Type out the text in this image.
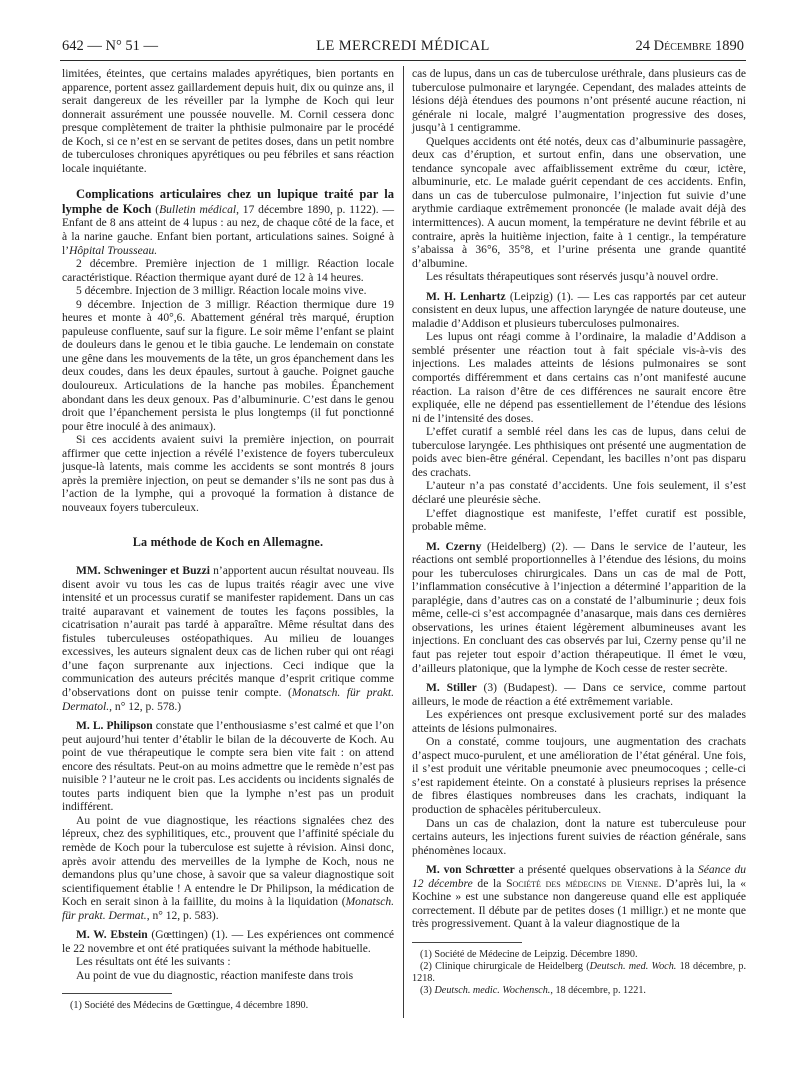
642 — N° 51 —	LE MERCREDI MÉDICAL	24 Décembre 1890

limitées, éteintes, que certains malades apyrétiques, bien portants en apparence, portent assez gaillardement depuis huit, dix ou quinze ans, il serait dangereux de les réveiller par la lymphe de Koch qui leur donnerait assurément une poussée nouvelle. M. Cornil cessera donc presque complètement de traiter la phthisie pulmonaire par le procédé de Koch, si ce n’est en se servant de petites doses, dans un petit nombre de tuberculoses chroniques apyrétiques ou peu fébriles et sans réaction locale inquiétante.

Complications articulaires chez un lupique traité par la lymphe de Koch (Bulletin médical, 17 décembre 1890, p. 1122). — Enfant de 8 ans atteint de 4 lupus : au nez, de chaque côté de la face, et à la narine gauche. Enfant bien portant, articulations saines. Soigné à l’Hôpital Trousseau.

2 décembre. Première injection de 1 milligr. Réaction locale caractéristique. Réaction thermique ayant duré de 12 à 14 heures.

5 décembre. Injection de 3 milligr. Réaction locale moins vive.

9 décembre. Injection de 3 milligr. Réaction thermique dure 19 heures et monte à 40°,6. Abattement général très marqué, éruption papuleuse confluente, sauf sur la figure. Le soir même l’enfant se plaint de douleurs dans le genou et le tibia gauche. Le lendemain on constate une gêne dans les mouvements de la tête, un gros épanchement dans les deux coudes, dans les deux épaules, surtout à gauche. Poignet gauche douloureux. Articulations de la hanche pas mobiles. Épanchement abondant dans les deux genoux. Pas d’albuminurie. C’est dans le genou droit que l’épanchement persista le plus longtemps (il fut ponctionné pour être inoculé à des animaux).

Si ces accidents avaient suivi la première injection, on pourrait affirmer que cette injection a révélé l’existence de foyers tuberculeux jusque-là latents, mais comme les accidents se sont montrés 8 jours après la première injection, on peut se demander s’ils ne sont pas dus à l’action de la lymphe, qui a provoqué la formation à distance de nouveaux foyers tuberculeux.

La méthode de Koch en Allemagne.

MM. Schweninger et Buzzi n’apportent aucun résultat nouveau. Ils disent avoir vu tous les cas de lupus traités réagir avec une vive intensité et un processus curatif se manifester rapidement. Dans un cas traité auparavant et vainement de toutes les façons possibles, la cicatrisation n’aurait pas tardé à apparaître. Même résultat dans des fistules tuberculeuses ostéopathiques. Au milieu de louanges excessives, les auteurs signalent deux cas de lichen ruber qui ont réagi d’une façon surprenante aux injections. Ceci indique que la communication des auteurs précités manque d’esprit critique comme d’observations dont on puisse tenir compte. (Monatsch. für prakt. Dermatol., n° 12, p. 578.)

M. L. Philipson constate que l’enthousiasme s’est calmé et que l’on peut aujourd’hui tenter d’établir le bilan de la découverte de Koch. Au point de vue thérapeutique le compte sera bien vite fait : on attend encore des résultats. Peut-on au moins admettre que le remède n’est pas nuisible ? l’auteur ne le croit pas. Les accidents ou incidents signalés de toutes parts indiquent bien que la lymphe n’est pas un produit indifférent.

Au point de vue diagnostique, les réactions signalées chez des lépreux, chez des syphilitiques, etc., prouvent que l’affinité spéciale du remède de Koch pour la tuberculose est sujette à révision. Ainsi donc, après avoir attendu des merveilles de la lymphe de Koch, nous ne demandons plus qu’une chose, à savoir que sa valeur diagnostique soit scientifiquement établie ! A entendre le Dr Philipson, la médication de Koch en serait sinon à la faillite, du moins à la liquidation (Monatsch. für prakt. Dermat., n° 12, p. 583).

M. W. Ebstein (Gœttingen) (1). — Les expériences ont commencé le 22 novembre et ont été pratiquées suivant la méthode habituelle.

Les résultats ont été les suivants :

Au point de vue du diagnostic, réaction manifeste dans trois

(1) Société des Médecins de Gœttingue, 4 décembre 1890.

cas de lupus, dans un cas de tuberculose uréthrale, dans plusieurs cas de tuberculose pulmonaire et laryngée. Cependant, des malades atteints de lésions déjà étendues des poumons n’ont présenté aucune réaction, ni générale ni locale, malgré l’augmentation progressive des doses, jusqu’à 1 centigramme.

Quelques accidents ont été notés, deux cas d’albuminurie passagère, deux cas d’éruption, et surtout enfin, dans une observation, une tendance syncopale avec affaiblissement extrême du cœur, ictère, albuminurie, etc. Le malade guérit cependant de ces accidents. Enfin, dans un cas de tuberculose pulmonaire, l’injection fut suivie d’une arythmie cardiaque extrêmement prononcée (le malade avait déjà des intermittences). A aucun moment, la température ne devint fébrile et au contraire, après la huitième injection, faite à 1 centigr., la température s’abaissa à 36°6, 35°8, et l’urine présenta une grande quantité d’albumine.

Les résultats thérapeutiques sont réservés jusqu’à nouvel ordre.

M. H. Lenhartz (Leipzig) (1). — Les cas rapportés par cet auteur consistent en deux lupus, une affection laryngée de nature douteuse, une maladie d’Addison et plusieurs tuberculoses pulmonaires.

Les lupus ont réagi comme à l’ordinaire, la maladie d’Addison a semblé présenter une réaction tout à fait spéciale vis-à-vis des injections. Les malades atteints de lésions pulmonaires se sont comportés différemment et dans certains cas n’ont manifesté aucune réaction. La raison d’être de ces différences ne saurait encore être expliquée, elle ne dépend pas essentiellement de l’étendue des lésions ni de l’intensité des doses.

L’effet curatif a semblé réel dans les cas de lupus, dans celui de tuberculose laryngée. Les phthisiques ont présenté une augmentation de poids avec bien-être général. Cependant, les bacilles n’ont pas disparu des crachats.

L’auteur n’a pas constaté d’accidents. Une fois seulement, il s’est déclaré une pleurésie sèche.

L’effet diagnostique est manifeste, l’effet curatif est possible, probable même.

M. Czerny (Heidelberg) (2). — Dans le service de l’auteur, les réactions ont semblé proportionnelles à l’étendue des lésions, du moins pour les tuberculoses chirurgicales. Dans un cas de mal de Pott, l’inflammation consécutive à l’injection a déterminé l’apparition de la paraplégie, dans d’autres cas on a constaté de l’albuminurie ; deux fois même, celle-ci s’est accompagnée d’anasarque, mais dans ces dernières observations, les urines étaient légèrement albumineuses avant les injections. En concluant des cas observés par lui, Czerny pense qu’il ne faut pas rejeter tout espoir d’action thérapeutique. Il émet le vœu, d’ailleurs platonique, que la lymphe de Koch cesse de rester secrète.

M. Stiller (3) (Budapest). — Dans ce service, comme partout ailleurs, le mode de réaction a été extrêmement variable.

Les expériences ont presque exclusivement porté sur des malades atteints de lésions pulmonaires.

On a constaté, comme toujours, une augmentation des crachats d’aspect muco-purulent, et une amélioration de l’état général. Une fois, il s’est produit une véritable pneumonie avec pneumocoques ; celle-ci s’est rapidement éteinte. On a constaté à plusieurs reprises la présence de fibres élastiques nombreuses dans les crachats, indiquant la production de sphacèles pérituberculeux.

Dans un cas de chalazion, dont la nature est tuberculeuse pour certains auteurs, les injections furent suivies de réaction générale, sans phénomènes locaux.

M. von Schrœtter a présenté quelques observations à la Séance du 12 décembre de la Société des médecins de Vienne. D’après lui, la « Kochine » est une substance non dangereuse quand elle est appliquée correctement. Il débute par de petites doses (1 milligr.) et ne monte que très progressivement. Quant à la valeur diagnostique de la

(1) Société de Médecine de Leipzig. Décembre 1890.

(2) Clinique chirurgicale de Heidelberg (Deutsch. med. Woch. 18 décembre, p. 1218.

(3) Deutsch. medic. Wochensch., 18 décembre, p. 1221.
